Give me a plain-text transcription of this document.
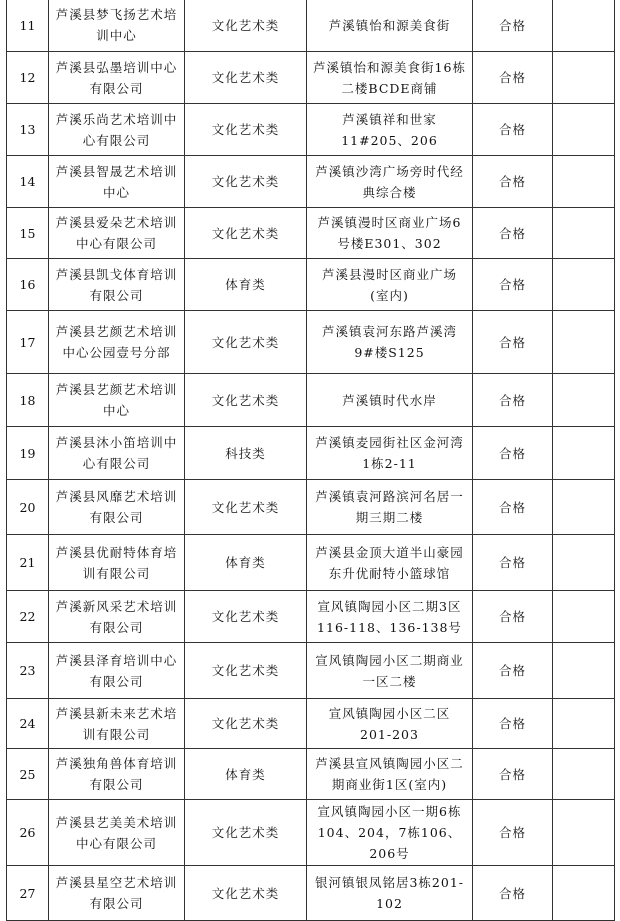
11	芦溪县梦飞扬艺术培训中心	文化艺术类	芦溪镇怡和源美食街	合格	
12	芦溪县弘墨培训中心有限公司	文化艺术类	芦溪镇怡和源美食街16栋二楼BCDE商铺	合格	
13	芦溪乐尚艺术培训中心有限公司	文化艺术类	芦溪镇祥和世家11#205、206	合格	
14	芦溪县智晟艺术培训中心	文化艺术类	芦溪镇沙湾广场旁时代经典综合楼	合格	
15	芦溪县爱朵艺术培训中心有限公司	文化艺术类	芦溪镇漫时区商业广场6号楼E301、302	合格	
16	芦溪县凯戈体育培训有限公司	体育类	芦溪县漫时区商业广场(室内)	合格	
17	芦溪县艺颜艺术培训中心公园壹号分部	文化艺术类	芦溪镇袁河东路芦溪湾9#楼S125	合格	
18	芦溪县艺颜艺术培训中心	文化艺术类	芦溪镇时代水岸	合格	
19	芦溪县沐小笛培训中心有限公司	科技类	芦溪镇麦园街社区金河湾1栋2-11	合格	
20	芦溪县风靡艺术培训有限公司	文化艺术类	芦溪镇袁河路滨河名居一期三期二楼	合格	
21	芦溪县优耐特体育培训有限公司	体育类	芦溪县金顶大道半山豪园东升优耐特小篮球馆	合格	
22	芦溪新风采艺术培训有限公司	文化艺术类	宣风镇陶园小区二期3区116-118、136-138号	合格	
23	芦溪县泽育培训中心有限公司	文化艺术类	宣风镇陶园小区二期商业一区二楼	合格	
24	芦溪县新未来艺术培训有限公司	文化艺术类	宣风镇陶园小区二区201-203	合格	
25	芦溪独角兽体育培训有限公司	体育类	芦溪县宣风镇陶园小区二期商业街1区(室内)	合格	
26	芦溪县艺美美术培训中心有限公司	文化艺术类	宣风镇陶园小区一期6栋104、204，7栋106、206号	合格	
27	芦溪县星空艺术培训有限公司	文化艺术类	银河镇银凤铭居3栋201-102	合格	
